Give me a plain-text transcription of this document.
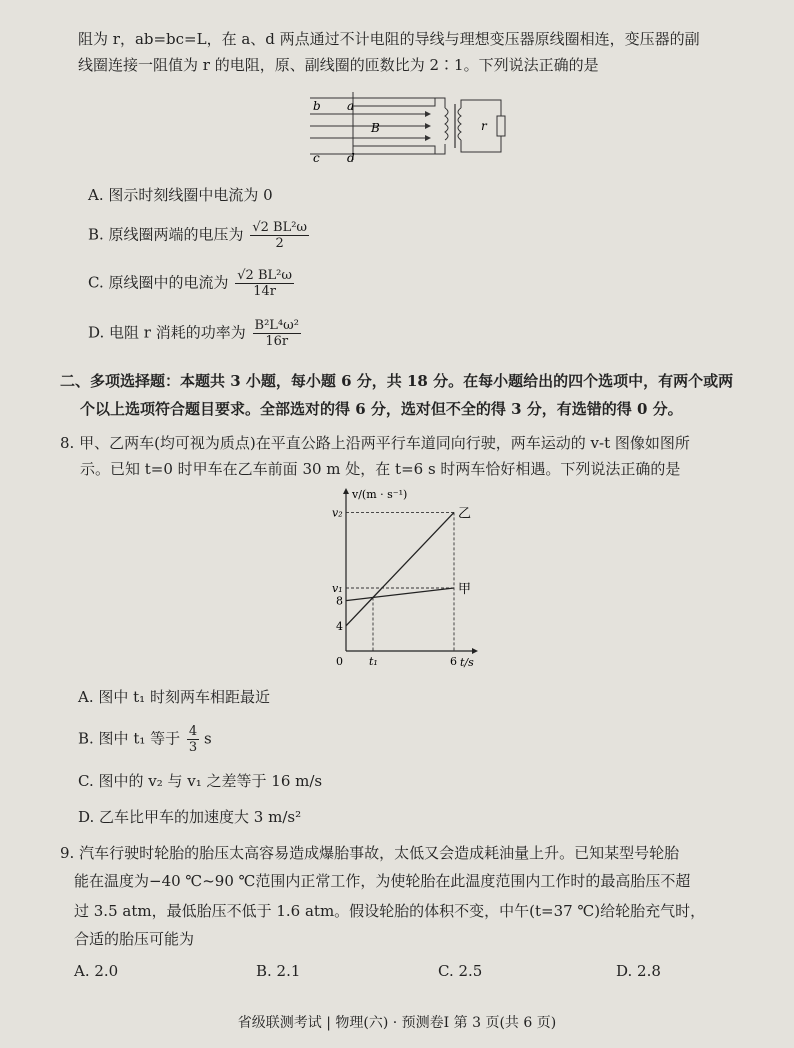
阻为 r，ab=bc=L，在 a、d 两点通过不计电阻的导线与理想变压器原线圈相连，变压器的副
线圈连接一阻值为 r 的电阻，原、副线圈的匝数比为 2∶1。下列说法正确的是
b a
B
c d
r
A. 图示时刻线圈中电流为 0
B. 原线圈两端的电压为 $\frac{\text{√2 BL²ω}}{2}$
C. 原线圈中的电流为 $\frac{\text{√2 BL²ω}}{14r}$
D. 电阻 r 消耗的功率为 $\frac{\text{B²L⁴ω²}}{16r}$
二、多项选择题：本题共 3 小题，每小题 6 分，共 18 分。在每小题给出的四个选项中，有两个或两
个以上选项符合题目要求。全部选对的得 6 分，选对但不全的得 3 分，有选错的得 0 分。
8. 甲、乙两车(均可视为质点)在平直公路上沿两平行车道同向行驶，两车运动的 v-t 图像如图所
示。已知 t=0 时甲车在乙车前面 30 m 处，在 t=6 s 时两车恰好相遇。下列说法正确的是
v/(m · s⁻¹)
t/s
乙
甲
4
8
v₁
v₂
0 t₁	6
A. 图中 t₁ 时刻两车相距最近
B. 图中 t₁ 等于 $\frac{4}{3}$ s
C. 图中的 v₂ 与 v₁ 之差等于 16 m/s
D. 乙车比甲车的加速度大 3 m/s²
9. 汽车行驶时轮胎的胎压太高容易造成爆胎事故，太低又会造成耗油量上升。已知某型号轮胎
能在温度为−40 ℃~90 ℃范围内正常工作，为使轮胎在此温度范围内工作时的最高胎压不超
过 3.5 atm，最低胎压不低于 1.6 atm。假设轮胎的体积不变，中午(t=37 ℃)给轮胎充气时，
合适的胎压可能为
A. 2.0	B. 2.1	C. 2.5	D. 2.8
省级联测考试 | 物理(六) · 预测卷Ⅰ 第 3 页(共 6 页)
